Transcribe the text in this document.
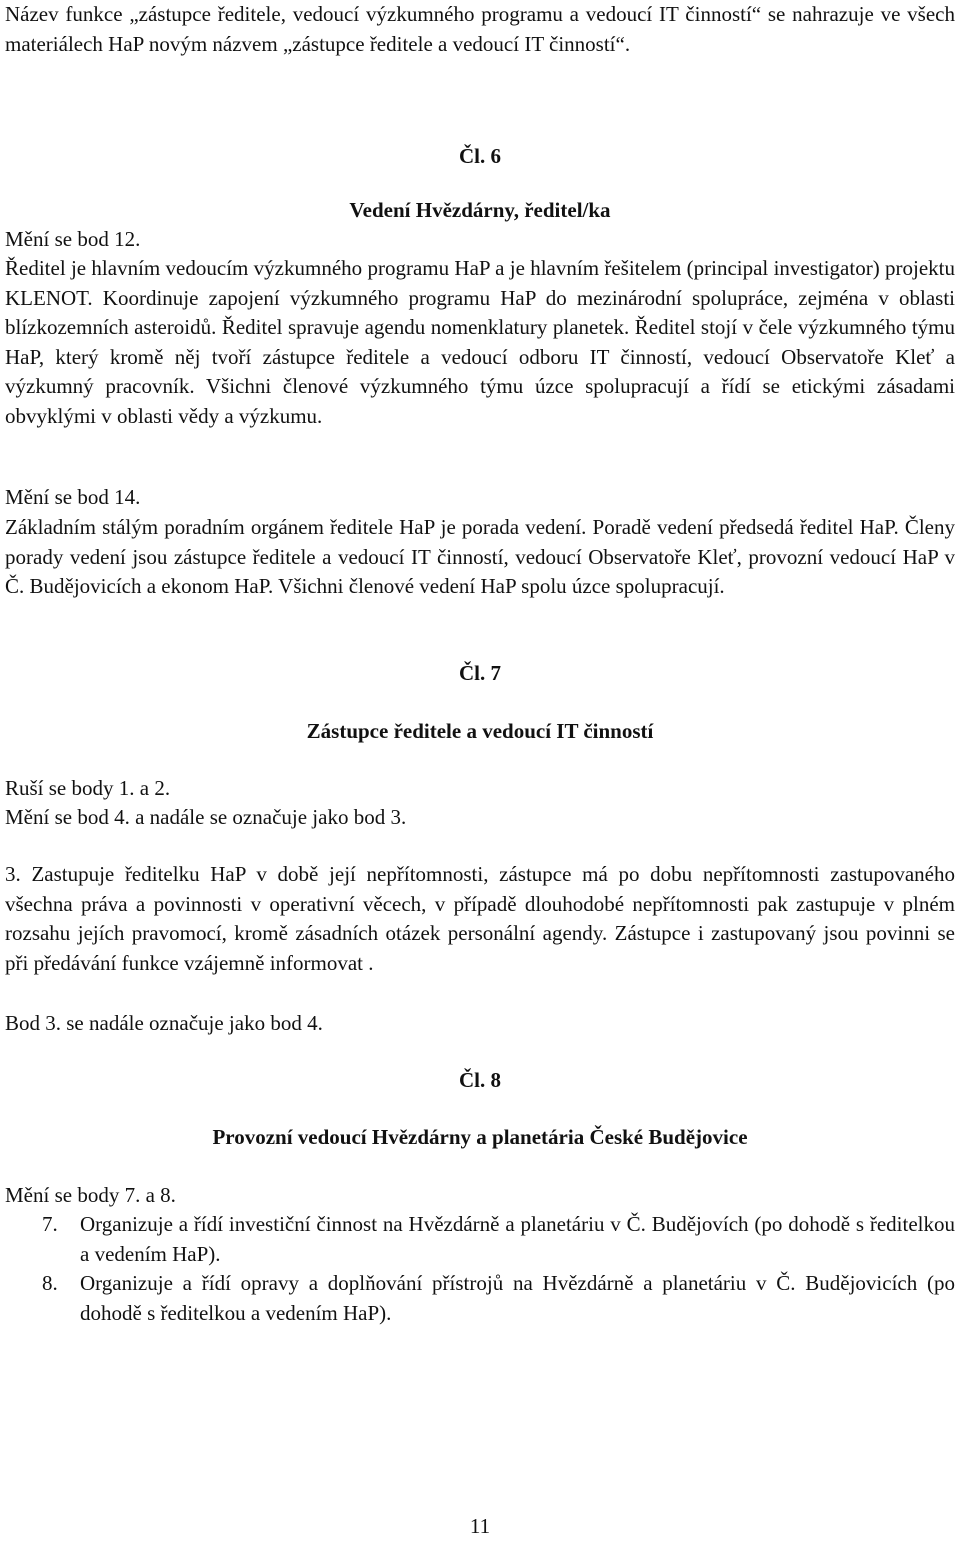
Název funkce „zástupce ředitele, vedoucí výzkumného programu a vedoucí IT činností“ se nahrazuje ve všech materiálech HaP novým názvem „zástupce ředitele a vedoucí IT činností“.

Čl. 6

Vedení Hvězdárny, ředitel/ka

Mění se bod 12.

Ředitel je hlavním vedoucím výzkumného programu HaP a je hlavním řešitelem (principal investigator) projektu KLENOT. Koordinuje zapojení výzkumného programu HaP do mezinárodní spolupráce, zejména v oblasti blízkozemních asteroidů. Ředitel spravuje agendu nomenklatury planetek. Ředitel stojí v čele výzkumného týmu HaP, který kromě něj tvoří zástupce ředitele a vedoucí odboru IT činností, vedoucí Observatoře Kleť a výzkumný pracovník. Všichni členové výzkumného týmu úzce spolupracují a řídí se etickými zásadami obvyklými v oblasti vědy a výzkumu.

Mění se bod 14.

Základním stálým poradním orgánem ředitele HaP je porada vedení. Poradě vedení předsedá ředitel HaP. Členy porady vedení jsou zástupce ředitele a vedoucí IT činností, vedoucí Observatoře Kleť, provozní vedoucí HaP v Č. Budějovicích a ekonom HaP. Všichni členové vedení HaP spolu úzce spolupracují.

Čl. 7

Zástupce ředitele a vedoucí IT činností

Ruší se body 1. a 2.

Mění se bod 4. a nadále se označuje jako bod 3.

3. Zastupuje ředitelku HaP v době její nepřítomnosti, zástupce má po dobu nepřítomnosti zastupovaného všechna práva a povinnosti v operativní věcech, v případě dlouhodobé nepřítomnosti pak zastupuje v plném rozsahu jejích pravomocí, kromě zásadních otázek personální agendy. Zástupce i zastupovaný jsou povinni se při předávání funkce vzájemně informovat .

Bod 3. se nadále označuje jako bod 4.

Čl. 8

Provozní vedoucí Hvězdárny a planetária České Budějovice

Mění se body 7. a 8.

7. Organizuje a řídí investiční činnost na Hvězdárně a planetáriu v Č. Budějovích (po dohodě s ředitelkou a vedením HaP).
8. Organizuje a řídí opravy a doplňování přístrojů na Hvězdárně a planetáriu v Č. Budějovicích (po dohodě s ředitelkou a vedením HaP).

11
